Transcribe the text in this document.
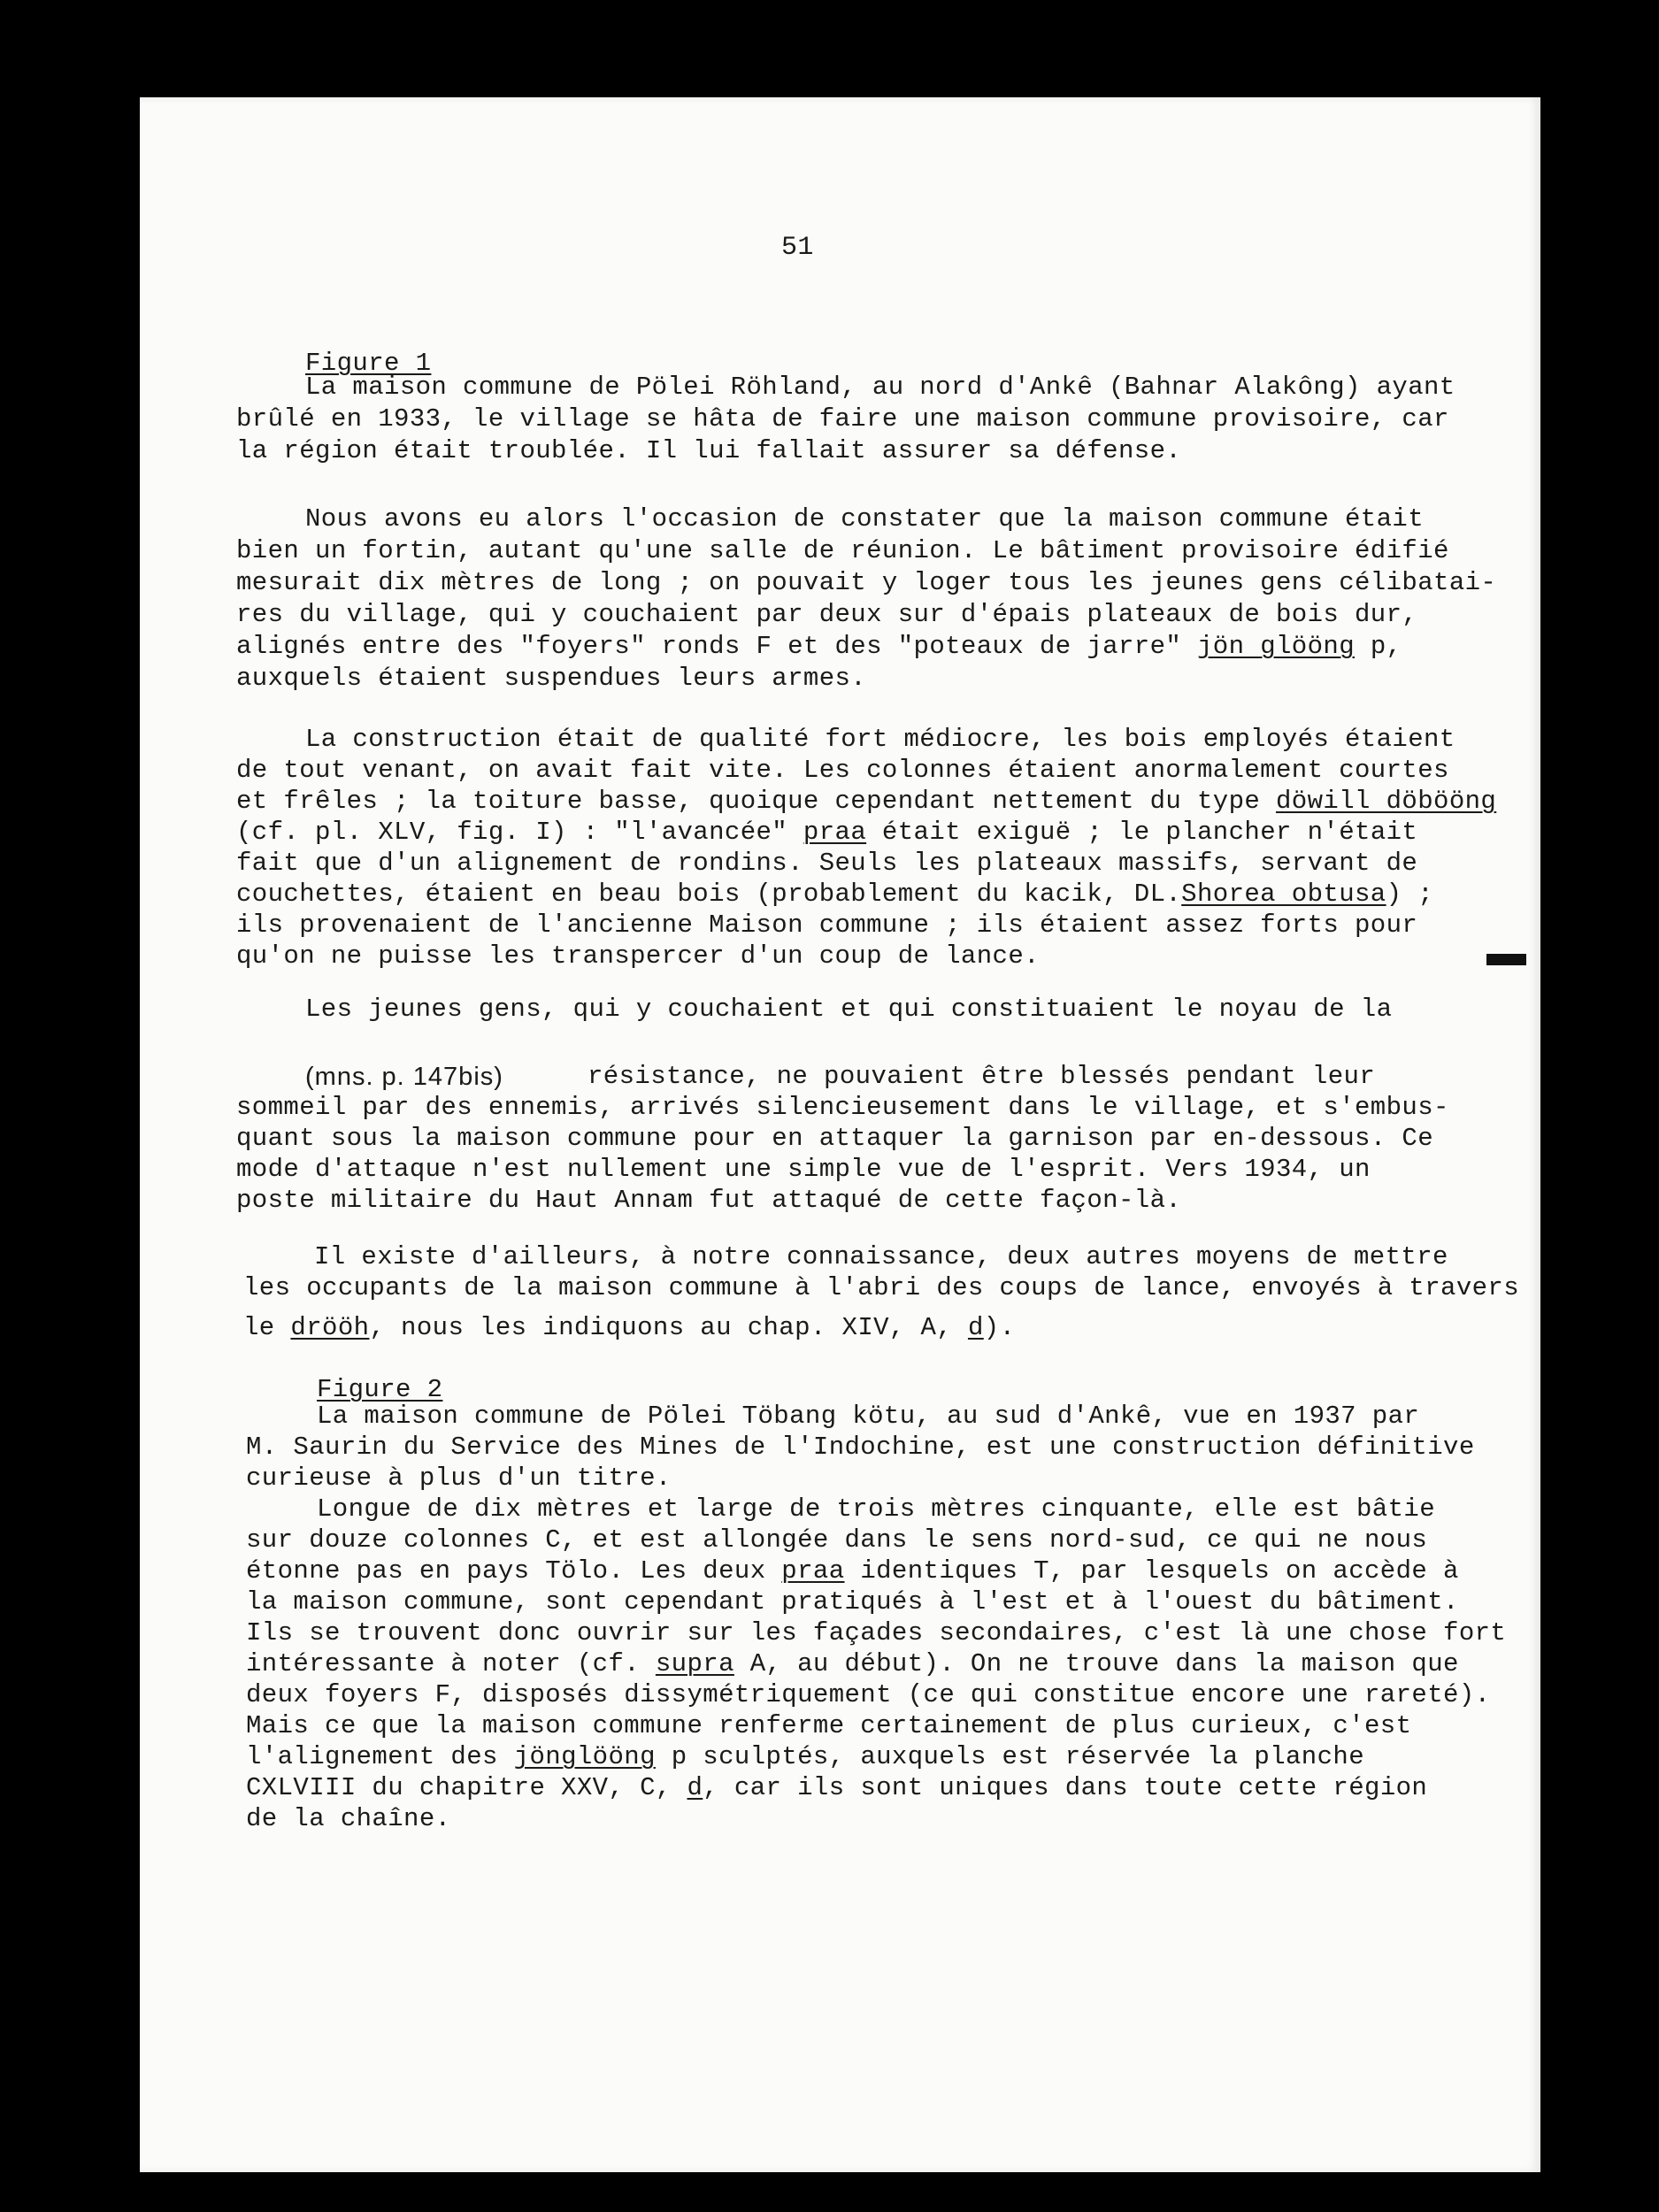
51
Figure 1
La maison commune de Pölei Röhland, au nord d'Ankê (Bahnar Alakông) ayant
brûlé en 1933, le village se hâta de faire une maison commune provisoire, car
la région était troublée. Il lui fallait assurer sa défense.
Nous avons eu alors l'occasion de constater que la maison commune était
bien un fortin, autant qu'une salle de réunion. Le bâtiment provisoire édifié
mesurait dix mètres de long ; on pouvait y loger tous les jeunes gens célibatai-
res du village, qui y couchaient par deux sur d'épais plateaux de bois dur,
alignés entre des "foyers" ronds F et des "poteaux de jarre" jön glööng p,
auxquels étaient suspendues leurs armes.
La construction était de qualité fort médiocre, les bois employés étaient
de tout venant, on avait fait vite. Les colonnes étaient anormalement courtes
et frêles ; la toiture basse, quoique cependant nettement du type döwill döbööng
(cf. pl. XLV, fig. I) : "l'avancée" praa était exiguë ; le plancher n'était
fait que d'un alignement de rondins. Seuls les plateaux massifs, servant de
couchettes, étaient en beau bois (probablement du kacik, DL.Shorea obtusa) ;
ils provenaient de l'ancienne Maison commune ; ils étaient assez forts pour
qu'on ne puisse les transpercer d'un coup de lance.
Les jeunes gens, qui y couchaient et qui constituaient le noyau de la
(mns. p. 147bis)	résistance, ne pouvaient être blessés pendant leur
sommeil par des ennemis, arrivés silencieusement dans le village, et s'embus-
quant sous la maison commune pour en attaquer la garnison par en-dessous. Ce
mode d'attaque n'est nullement une simple vue de l'esprit. Vers 1934, un
poste militaire du Haut Annam fut attaqué de cette façon-là.
Il existe d'ailleurs, à notre connaissance, deux autres moyens de mettre
les occupants de la maison commune à l'abri des coups de lance, envoyés à travers
le drööh, nous les indiquons au chap. XIV, A, d).
Figure 2
La maison commune de Pölei Töbang kötu, au sud d'Ankê, vue en 1937 par
M. Saurin du Service des Mines de l'Indochine, est une construction définitive
curieuse à plus d'un titre.
Longue de dix mètres et large de trois mètres cinquante, elle est bâtie
sur douze colonnes C, et est allongée dans le sens nord-sud, ce qui ne nous
étonne pas en pays Tölo. Les deux praa identiques T, par lesquels on accède à
la maison commune, sont cependant pratiqués à l'est et à l'ouest du bâtiment.
Ils se trouvent donc ouvrir sur les façades secondaires, c'est là une chose fort
intéressante à noter (cf. supra A, au début). On ne trouve dans la maison que
deux foyers F, disposés dissymétriquement (ce qui constitue encore une rareté).
Mais ce que la maison commune renferme certainement de plus curieux, c'est
l'alignement des jönglööng p sculptés, auxquels est réservée la planche
CXLVIII du chapitre XXV, C, d, car ils sont uniques dans toute cette région
de la chaîne.
